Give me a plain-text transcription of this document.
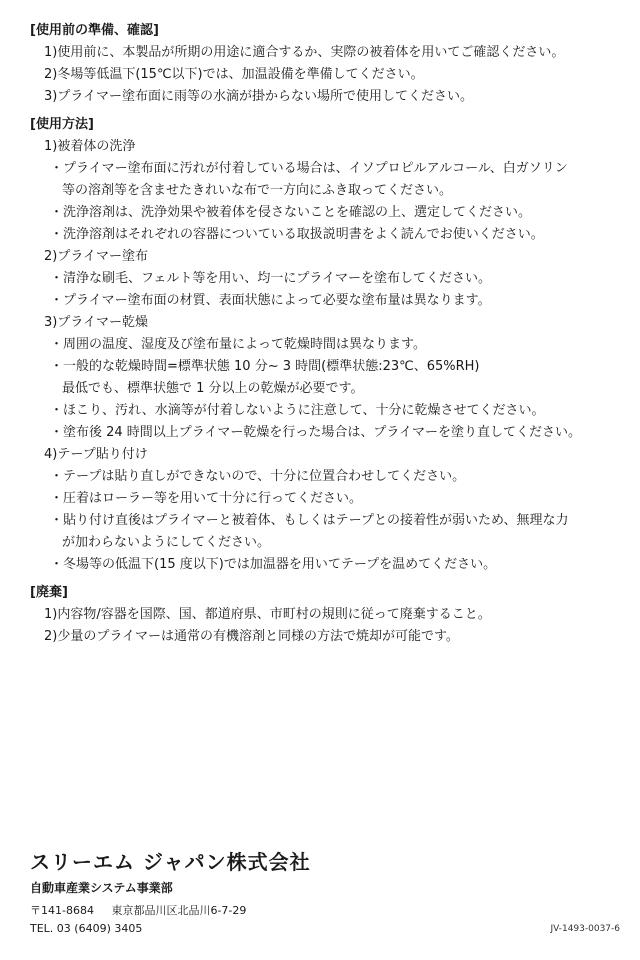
[使用前の準備、確認]
1)使用前に、本製品が所期の用途に適合するか、実際の被着体を用いてご確認ください。
2)冬場等低温下(15℃以下)では、加温設備を準備してください。
3)プライマー塗布面に雨等の水滴が掛からない場所で使用してください。
[使用方法]
1)被着体の洗浄
・プライマー塗布面に汚れが付着している場合は、イソプロピルアルコール、白ガソリン
等の溶剤等を含ませたきれいな布で一方向にふき取ってください。
・洗浄溶剤は、洗浄効果や被着体を侵さないことを確認の上、選定してください。
・洗浄溶剤はそれぞれの容器についている取扱説明書をよく読んでお使いください。
2)プライマー塗布
・清浄な刷毛、フェルト等を用い、均一にプライマーを塗布してください。
・プライマー塗布面の材質、表面状態によって必要な塗布量は異なります。
3)プライマー乾燥
・周囲の温度、湿度及び塗布量によって乾燥時間は異なります。
・一般的な乾燥時間=標準状態 10 分~ 3 時間(標準状態:23℃、65%RH)
最低でも、標準状態で 1 分以上の乾燥が必要です。
・ほこり、汚れ、水滴等が付着しないように注意して、十分に乾燥させてください。
・塗布後 24 時間以上プライマー乾燥を行った場合は、プライマーを塗り直してください。
4)テープ貼り付け
・テープは貼り直しができないので、十分に位置合わせしてください。
・圧着はローラー等を用いて十分に行ってください。
・貼り付け直後はプライマーと被着体、もしくはテープとの接着性が弱いため、無理な力
が加わらないようにしてください。
・冬場等の低温下(15 度以下)では加温器を用いてテープを温めてください。
[廃棄]
1)内容物/容器を国際、国、都道府県、市町村の規則に従って廃棄すること。
2)少量のプライマーは通常の有機溶剤と同様の方法で焼却が可能です。
スリーエム ジャパン株式会社
自動車産業システム事業部
〒141-8684 東京都品川区北品川6-7-29
TEL. 03 (6409) 3405	JV-1493-0037-6
